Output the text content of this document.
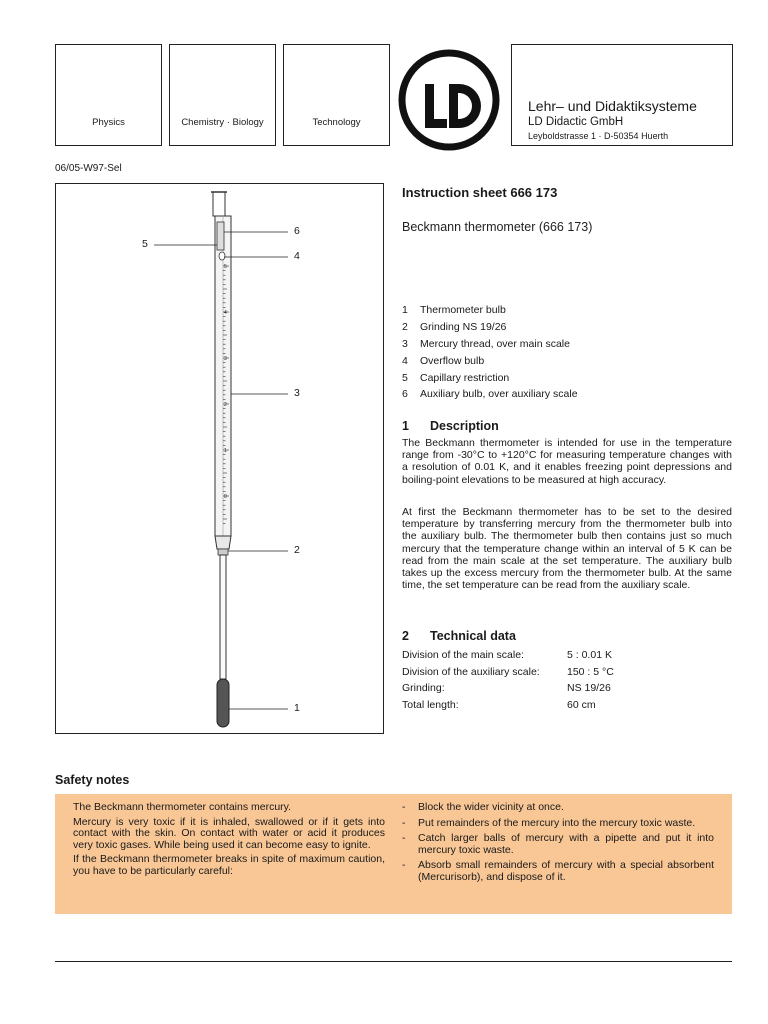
Physics	Chemistry · Biology	Technology
Lehr– und Didaktiksysteme
LD Didactic GmbH
Leyboldstrasse 1 · D-50354 Huerth
06/05-W97-Sel
5
6
4
3
2
1
5
4
3
2
1
0
Instruction sheet 666 173
Beckmann thermometer (666 173)
1	Thermometer bulb
2	Grinding NS 19/26
3	Mercury thread, over main scale
4	Overflow bulb
5	Capillary restriction
6	Auxiliary bulb, over auxiliary scale
1 Description

The Beckmann thermometer is intended for use in the temperature range from -30°C to +120°C for measuring temperature changes with a resolution of 0.01 K, and it enables freezing point depressions and boiling-point elevations to be measured at high accuracy.

At first the Beckmann thermometer has to be set to the desired temperature by transferring mercury from the thermometer bulb into the auxiliary bulb. The thermometer bulb then contains just so much mercury that the temperature change within an interval of 5 K can be read from the main scale at the set temperature. The auxiliary bulb takes up the excess mercury from the thermometer bulb. At the same time, the set temperature can be read from the auxiliary scale.

2 Technical data
Division of the main scale:	5 : 0.01 K
Division of the auxiliary scale:	150 : 5 °C
Grinding:	NS 19/26
Total length:	60 cm
Safety notes

The Beckmann thermometer contains mercury.

Mercury is very toxic if it is inhaled, swallowed or if it gets into contact with the skin. On contact with water or acid it produces very toxic gases. While being used it can become easy to ignite.

If the Beckmann thermometer breaks in spite of maximum caution, you have to be particularly careful:

- Block the wider vicinity at once.
- Put remainders of the mercury into the mercury toxic waste.
- Catch larger balls of mercury with a pipette and put it into mercury toxic waste.
- Absorb small remainders of mercury with a special absorbent (Mercurisorb), and dispose of it.
